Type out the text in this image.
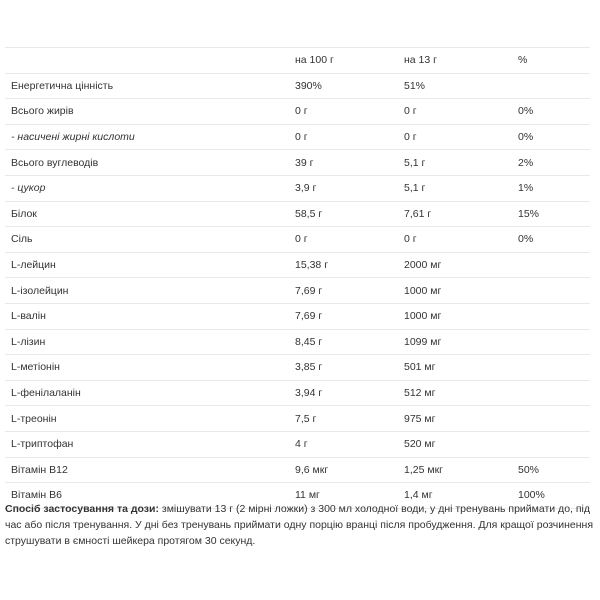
	на 100 г	на 13 г	%
Енергетична цінність	390%	51%	
Всього жирів	0 г	0 г	0%
- насичені жирні кислоти	0 г	0 г	0%
Всього вуглеводів	39 г	5,1 г	2%
- цукор	3,9 г	5,1 г	1%
Білок	58,5 г	7,61 г	15%
Сіль	0 г	0 г	0%
L-лейцин	15,38 г	2000 мг	
L-ізолейцин	7,69 г	1000 мг	
L-валін	7,69 г	1000 мг	
L-лізин	8,45 г	1099 мг	
L-метіонін	3,85 г	501 мг	
L-фенілаланін	3,94 г	512 мг	
L-треонін	7,5 г	975 мг	
L-триптофан	4 г	520 мг	
Вітамін В12	9,6 мкг	1,25 мкг	50%
Вітамін В6	11 мг	1,4 мг	100%
Спосіб застосування та дози: змішувати 13 г (2 мірні ложки) з 300 мл холодної води, у дні тренувань приймати до, під час або після тренування. У дні без тренувань приймати одну порцію вранці після пробудження. Для кращої розчинення струшувати в ємності шейкера протягом 30 секунд.
